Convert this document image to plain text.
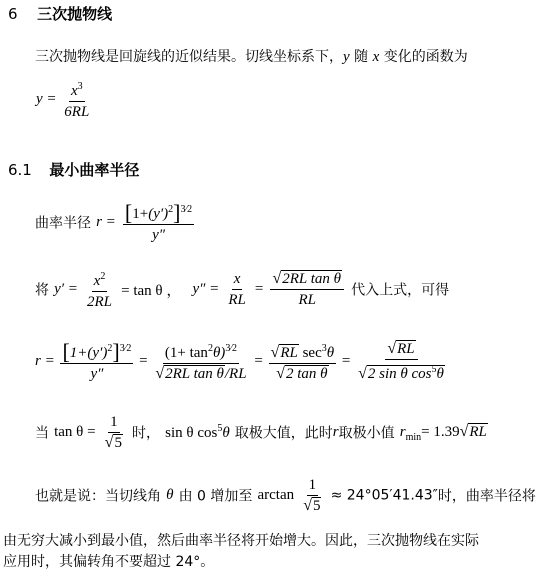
6 三次抛物线
三次抛物线是回旋线的近似结果。切线坐标系下，y 随 x 变化的函数为
$y = \frac{x^3}{6RL}$
6.1 最小曲率半径
曲率半径 $r = \frac{[1+(y')^2]^{3⁄2}}{y''}$
将 $y' = \frac{x^2}{2RL} = \tan \theta$ ， $y'' = \frac{x}{RL} = \frac{\text{√2RL tan θ}}{RL}$ 代入上式，可得
$r = \frac{[1+(y')^2]^{3⁄2}}{y''} = \frac{(1+ \tan^2\theta)^{3⁄2}}{\text{√2RL tan θ/RL}} = \frac{√RL \sec^3\theta}{\text{√2 tan θ}} = \frac{√RL}{√2 \sin \theta \cos^5\theta}$
当 $\tan \theta = \frac{1}{√5}$ 时， sin θ $\cos^5\theta$ 取极大值，此时r取极小值 $r_{min}= 1.39√RL$
也就是说：当切线角 θ 由 0 增加至 $\arctan \frac{1}{√5} \approx 24^\circ 05'41.43''$时，曲率半径将
由无穷大减小到最小值，然后曲率半径将开始增大。因此，三次抛物线在实际
应用时，其偏转角不要超过 24°。
